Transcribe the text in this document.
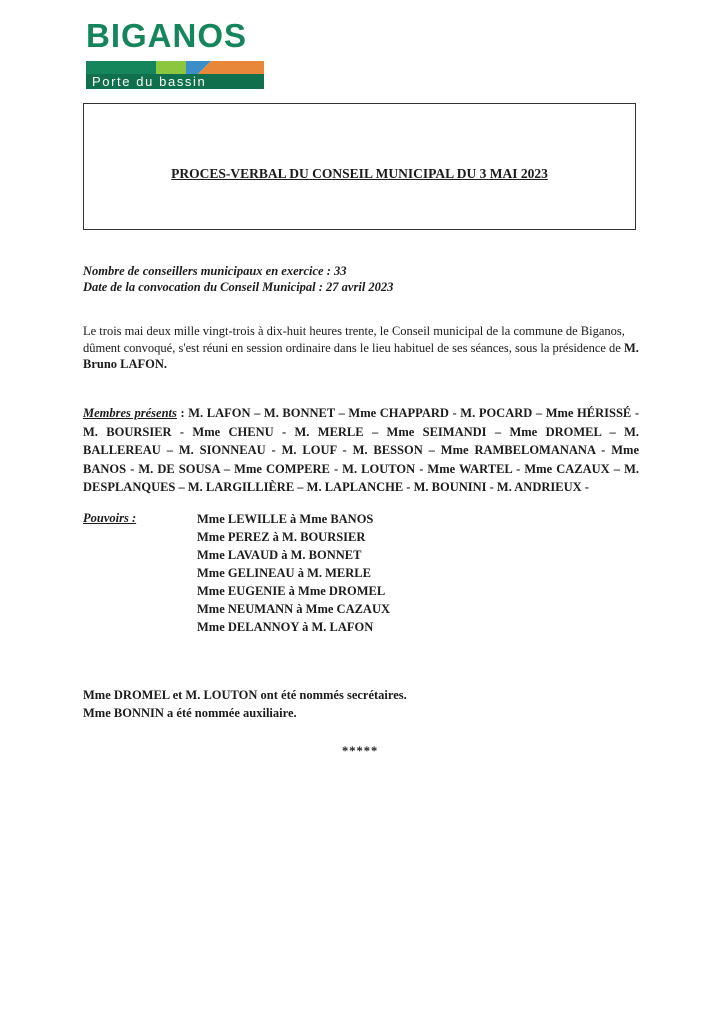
BIGANOS
Porte du bassin
PROCES-VERBAL DU CONSEIL MUNICIPAL DU 3 MAI 2023
Nombre de conseillers municipaux en exercice : 33
Date de la convocation du Conseil Municipal : 27 avril 2023
Le trois mai deux mille vingt-trois à dix-huit heures trente, le Conseil municipal de la commune de Biganos, dûment convoqué, s'est réuni en session ordinaire dans le lieu habituel de ses séances, sous la présidence de M. Bruno LAFON.
Membres présents : M. LAFON – M. BONNET – Mme CHAPPARD - M. POCARD – Mme HÉRISSÉ - M. BOURSIER - Mme CHENU - M. MERLE – Mme SEIMANDI – Mme DROMEL – M. BALLEREAU – M. SIONNEAU - M. LOUF - M. BESSON – Mme RAMBELOMANANA - Mme BANOS - M. DE SOUSA – Mme COMPERE - M. LOUTON - Mme WARTEL - Mme CAZAUX – M. DESPLANQUES – M. LARGILLIÈRE – M. LAPLANCHE - M. BOUNINI - M. ANDRIEUX -
Pouvoirs :	Mme LEWILLE à Mme BANOS
Mme PEREZ à M. BOURSIER
Mme LAVAUD à M. BONNET
Mme GELINEAU à M. MERLE
Mme EUGENIE à Mme DROMEL
Mme NEUMANN à Mme CAZAUX
Mme DELANNOY à M. LAFON
Mme DROMEL et M. LOUTON ont été nommés secrétaires.
Mme BONNIN a été nommée auxiliaire.
*****
